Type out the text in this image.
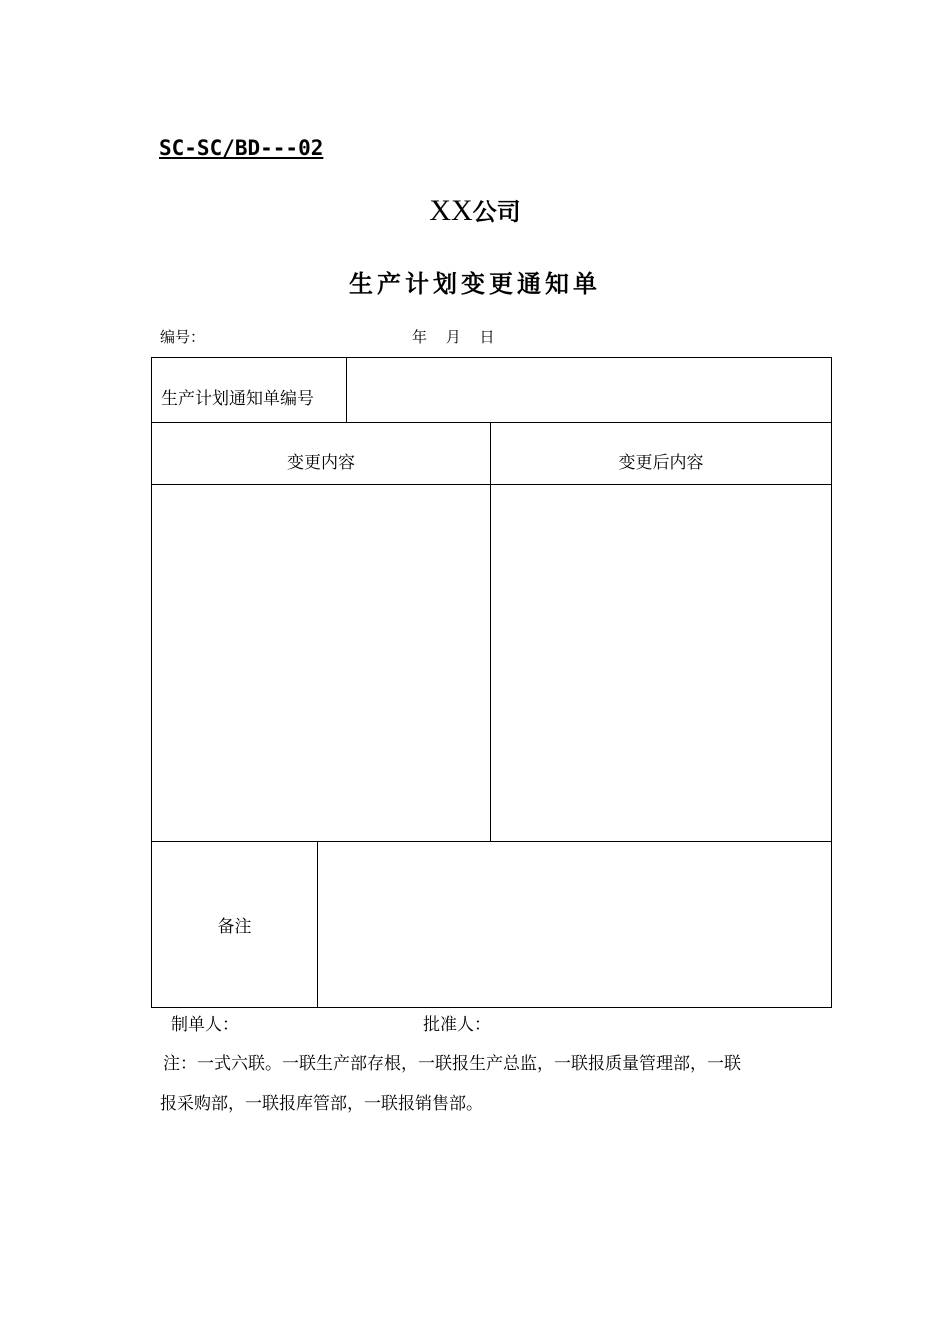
SC-SC/BD---02
XX公司
生产计划变更通知单
编号：	年 月 日
生产计划通知单编号			
变更内容			变更后内容

备注			
制单人：	批准人：
注：一式六联。一联生产部存根，一联报生产总监，一联报质量管理部，一联
报采购部，一联报库管部，一联报销售部。
